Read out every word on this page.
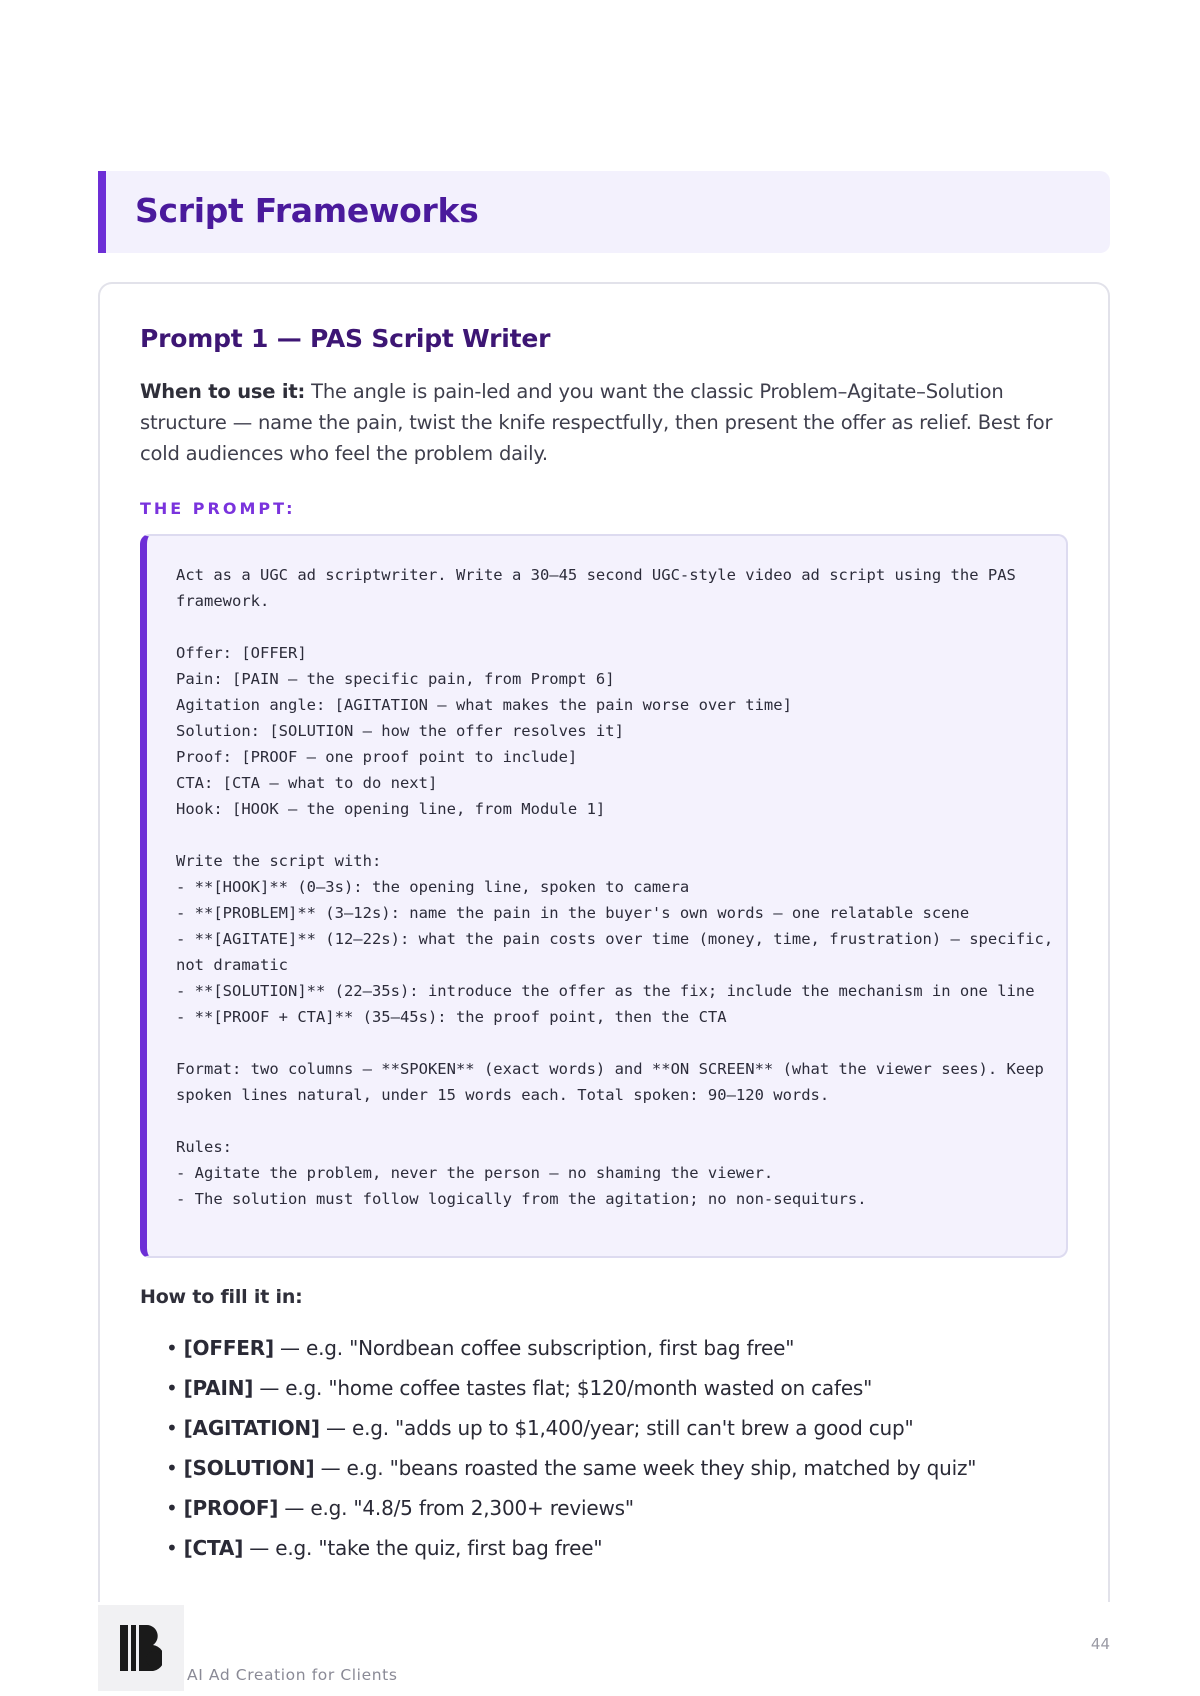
Script Frameworks
Prompt 1 — PAS Script Writer

When to use it: The angle is pain-led and you want the classic Problem–Agitate–Solution structure — name the pain, twist the knife respectfully, then present the offer as relief. Best for cold audiences who feel the problem daily.

THE PROMPT:

Act as a UGC ad scriptwriter. Write a 30–45 second UGC-style video ad script using the PAS framework.

Offer: [OFFER]
Pain: [PAIN — the specific pain, from Prompt 6]
Agitation angle: [AGITATION — what makes the pain worse over time]
Solution: [SOLUTION — how the offer resolves it]
Proof: [PROOF — one proof point to include]
CTA: [CTA — what to do next]
Hook: [HOOK — the opening line, from Module 1]

Write the script with:
- **[HOOK]** (0–3s): the opening line, spoken to camera
- **[PROBLEM]** (3–12s): name the pain in the buyer's own words — one relatable scene
- **[AGITATE]** (12–22s): what the pain costs over time (money, time, frustration) — specific, not dramatic
- **[SOLUTION]** (22–35s): introduce the offer as the fix; include the mechanism in one line
- **[PROOF + CTA]** (35–45s): the proof point, then the CTA

Format: two columns — **SPOKEN** (exact words) and **ON SCREEN** (what the viewer sees). Keep spoken lines natural, under 15 words each. Total spoken: 90–120 words.

Rules:
- Agitate the problem, never the person — no shaming the viewer.
- The solution must follow logically from the agitation; no non-sequiturs.

How to fill it in:

• [OFFER] — e.g. "Nordbean coffee subscription, first bag free"
• [PAIN] — e.g. "home coffee tastes flat; $120/month wasted on cafes"
• [AGITATION] — e.g. "adds up to $1,400/year; still can't brew a good cup"
• [SOLUTION] — e.g. "beans roasted the same week they ship, matched by quiz"
• [PROOF] — e.g. "4.8/5 from 2,300+ reviews"
• [CTA] — e.g. "take the quiz, first bag free"

AI Ad Creation for Clients

44
